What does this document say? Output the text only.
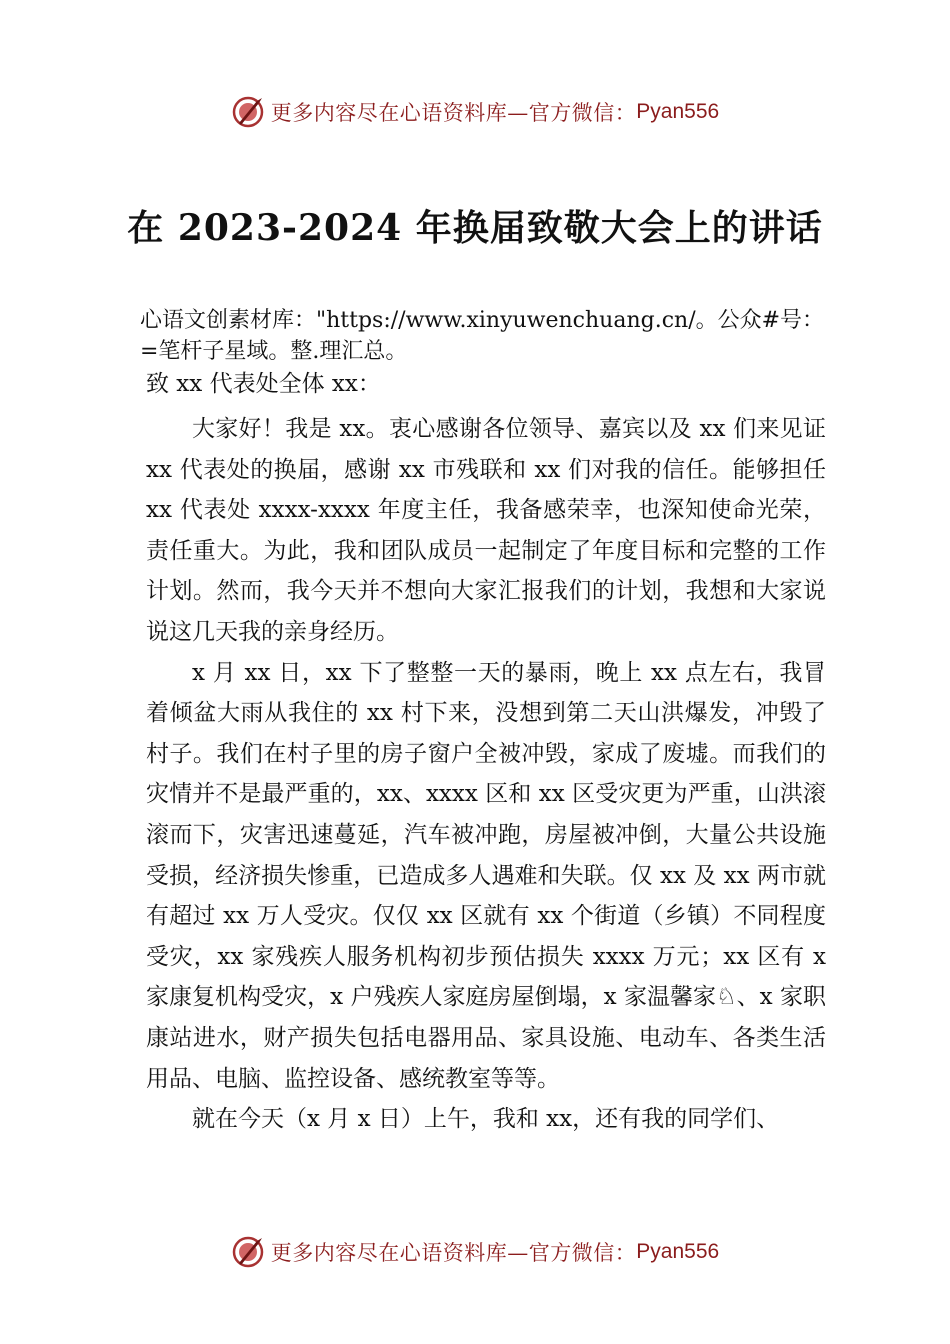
更多内容尽在心语资料库—官方微信： Pyan556
在 2023-2024 年换届致敬大会上的讲话

心语文创素材库："https://www.xinyuwenchuang.cn/。公众#号：=笔杆子星域。整.理汇总。

致 xx 代表处全体 xx：

大家好！我是 xx。衷心感谢各位领导、嘉宾以及 xx 们来见证 xx 代表处的换届，感谢 xx 市残联和 xx 们对我的信任。能够担任 xx 代表处 xxxx-xxxx 年度主任，我备感荣幸，也深知使命光荣，责任重大。为此，我和团队成员一起制定了年度目标和完整的工作计划。然而，我今天并不想向大家汇报我们的计划，我想和大家说说这几天我的亲身经历。

x 月 xx 日，xx 下了整整一天的暴雨，晚上 xx 点左右，我冒着倾盆大雨从我住的 xx 村下来，没想到第二天山洪爆发，冲毁了村子。我们在村子里的房子窗户全被冲毁，家成了废墟。而我们的灾情并不是最严重的，xx、xxxx 区和 xx 区受灾更为严重，山洪滚滚而下，灾害迅速蔓延，汽车被冲跑，房屋被冲倒，大量公共设施受损，经济损失惨重，已造成多人遇难和失联。仅 xx 及 xx 两市就有超过 xx 万人受灾。仅仅 xx 区就有 xx 个街道（乡镇）不同程度受灾，xx 家残疾人服务机构初步预估损失 xxxx 万元；xx 区有 x 家康复机构受灾，x 户残疾人家庭房屋倒塌，x 家温馨家♘、x 家职康站进水，财产损失包括电器用品、家具设施、电动车、各类生活用品、电脑、监控设备、感统教室等等。

就在今天（x 月 x 日）上午，我和 xx，还有我的同学们、

更多内容尽在心语资料库—官方微信： Pyan556
